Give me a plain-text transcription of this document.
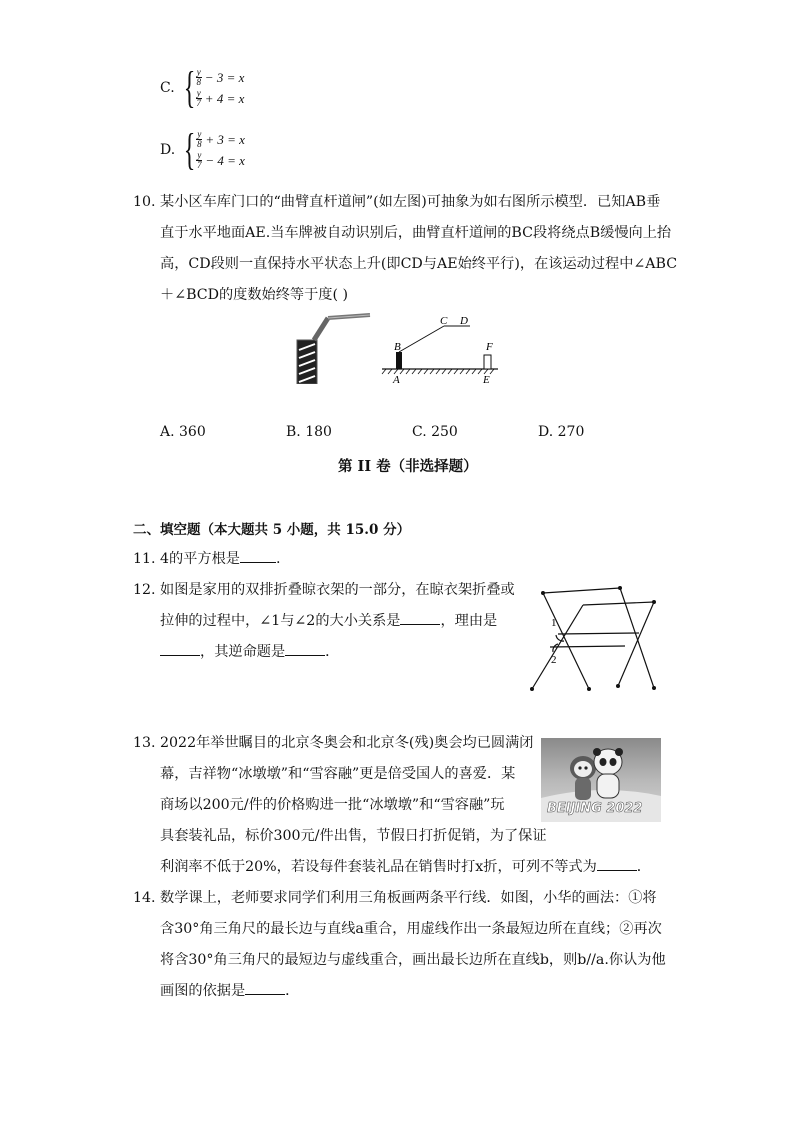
C. { $\frac{y}{8} - 3 = x$
$\frac{y}{7} + 4 = x$
D. { $\frac{y}{8} + 3 = x$
$\frac{y}{7} - 4 = x$
10. 某小区车库门口的“曲臂直杆道闸”(如左图)可抽象为如右图所示模型．已知AB垂
直于水平地面AE.当车牌被自动识别后，曲臂直杆道闸的BC段将绕点B缓慢向上抬
高，CD段则一直保持水平状态上升(即CD与AE始终平行)，在该运动过程中∠ABC
＋∠BCD的度数始终等于度( )
B
A
C D
F
E
A. 360	B. 180	C. 250	D. 270
第 II 卷（非选择题）
二、填空题（本大题共 5 小题，共 15.0 分）
11. 4的平方根是	.
12. 如图是家用的双排折叠晾衣架的一部分，在晾衣架折叠或
拉伸的过程中，∠1与∠2的大小关系是	，理由是
，其逆命题是	．
1
2
13. 2022年举世瞩目的北京冬奥会和北京冬(残)奥会均已圆满闭
幕，吉祥物“冰墩墩”和“雪容融”更是倍受国人的喜爱．某
商场以200元/件的价格购进一批“冰墩墩”和“雪容融”玩
具套装礼品，标价300元/件出售，节假日打折促销，为了保证
利润率不低于20%，若设每件套装礼品在销售时打x折，可列不等式为	．
BEIJING 2022
14. 数学课上，老师要求同学们利用三角板画两条平行线．如图，小华的画法：①将
含30°角三角尺的最长边与直线a重合，用虚线作出一条最短边所在直线；②再次
将含30°角三角尺的最短边与虚线重合，画出最长边所在直线b，则b//a.你认为他
画图的依据是	．
